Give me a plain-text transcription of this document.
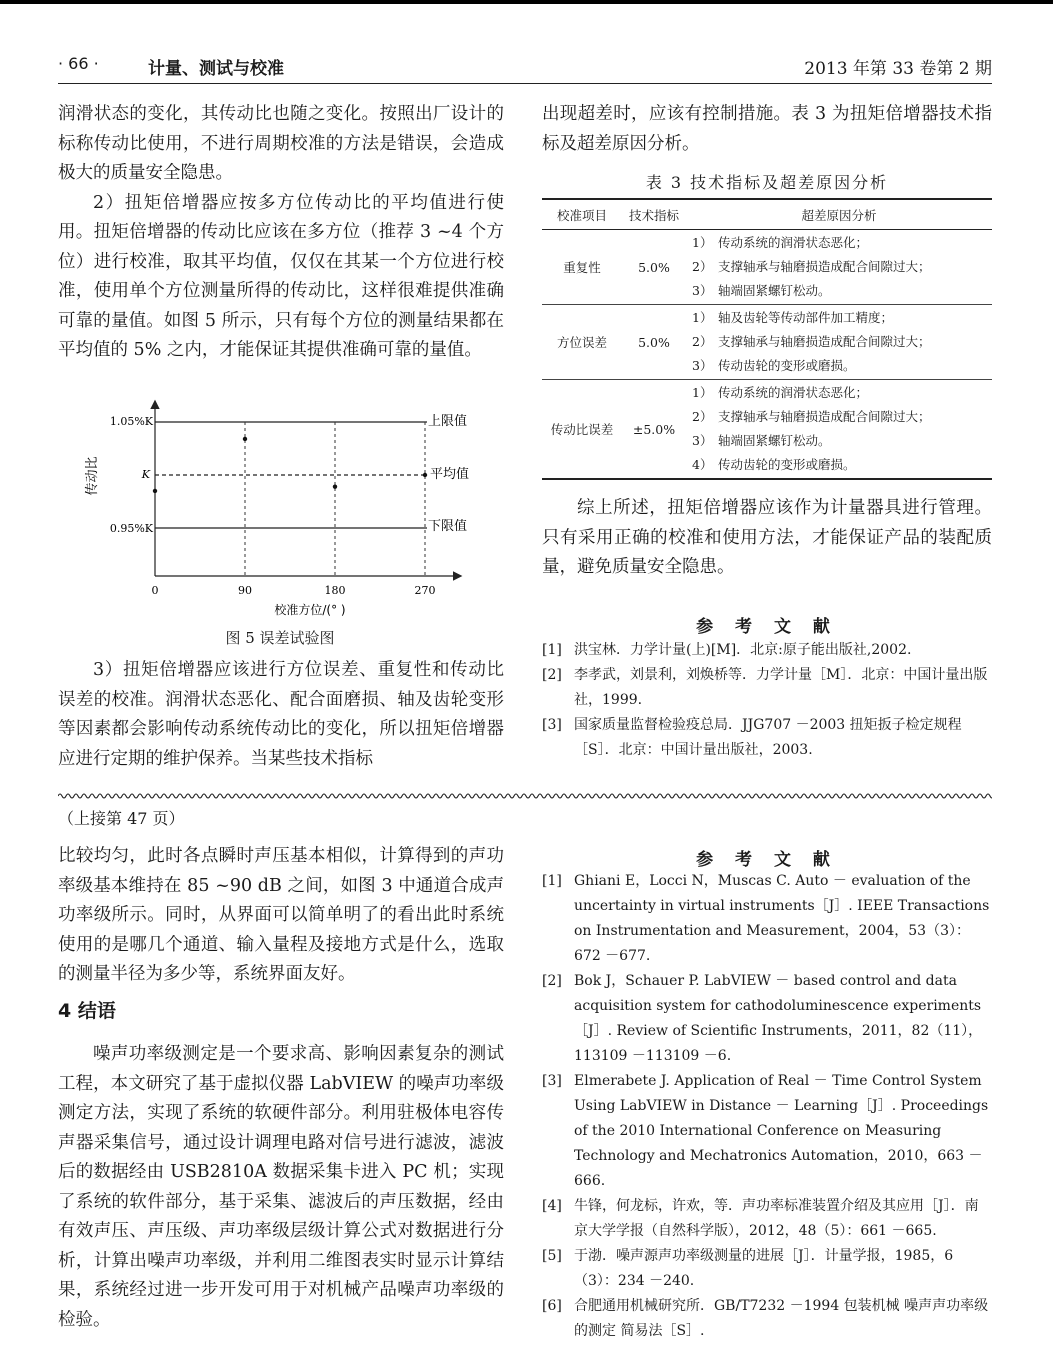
· 66 ·	计量、测试与校准	2013 年第 33 卷第 2 期

润滑状态的变化，其传动比也随之变化。按照出厂设计的标称传动比使用，不进行周期校准的方法是错误，会造成极大的质量安全隐患。

2）扭矩倍增器应按多方位传动比的平均值进行使用。扭矩倍增器的传动比应该在多方位（推荐 3 ~4 个方位）进行校准，取其平均值，仅仅在其某一个方位进行校准，使用单个方位测量所得的传动比，这样很难提供准确可靠的量值。如图 5 所示，只有每个方位的测量结果都在平均值的 5% 之内，才能保证其提供准确可靠的量值。

传动比
1.05%K
K
0.95%K
上限值
平均值
下限值
0	90	180	270
校准方位/(° )
图 5 误差试验图

3）扭矩倍增器应该进行方位误差、重复性和传动比误差的校准。润滑状态恶化、配合面磨损、轴及齿轮变形等因素都会影响传动系统传动比的变化，所以扭矩倍增器应进行定期的维护保养。当某些技术指标

出现超差时，应该有控制措施。表 3 为扭矩倍增器技术指标及超差原因分析。

表 3 技术指标及超差原因分析
校准项目	技术指标	超差原因分析
重复性	5.0%	1） 传动系统的润滑状态恶化；
2） 支撑轴承与轴磨损造成配合间隙过大；
3） 轴端固紧螺钉松动。

方位误差	5.0%	1） 轴及齿轮等传动部件加工精度；
2） 支撑轴承与轴磨损造成配合间隙过大；
3） 传动齿轮的变形或磨损。

传动比误差	±5.0%	1） 传动系统的润滑状态恶化；
2） 支撑轴承与轴磨损造成配合间隙过大；
3） 轴端固紧螺钉松动。
4） 传动齿轮的变形或磨损。

综上所述，扭矩倍增器应该作为计量器具进行管理。只有采用正确的校准和使用方法，才能保证产品的装配质量，避免质量安全隐患。

参 考 文 献
[1] 洪宝林．力学计量(上)[M]．北京:原子能出版社,2002.
[2] 李孝武，刘景利，刘焕桥等．力学计量［M］．北京：中国计量出版社，1999.
[3] 国家质量监督检验疫总局．JJG707 －2003 扭矩扳子检定规程［S］．北京：中国计量出版社，2003.
（上接第 47 页）

比较均匀，此时各点瞬时声压基本相似，计算得到的声功率级基本维持在 85 ~90 dB 之间，如图 3 中通道合成声功率级所示。同时，从界面可以简单明了的看出此时系统使用的是哪几个通道、输入量程及接地方式是什么，选取的测量半径为多少等，系统界面友好。

4 结语

噪声功率级测定是一个要求高、影响因素复杂的测试工程，本文研究了基于虚拟仪器 LabVIEW 的噪声功率级测定方法，实现了系统的软硬件部分。利用驻极体电容传声器采集信号，通过设计调理电路对信号进行滤波，滤波后的数据经由 USB2810A 数据采集卡进入 PC 机；实现了系统的软件部分，基于采集、滤波后的声压数据，经由有效声压、声压级、声功率级层级计算公式对数据进行分析，计算出噪声功率级，并利用二维图表实时显示计算结果，系统经过进一步开发可用于对机械产品噪声功率级的检验。

参 考 文 献
[1] Ghiani E，Locci N，Muscas C. Auto － evaluation of the uncertainty in virtual instruments［J］. IEEE Transactions on Instrumentation and Measurement，2004，53（3）：672 －677.
[2] Bok J，Schauer P. LabVIEW － based control and data acquisition system for cathodoluminescence experiments［J］. Review of Scientific Instruments，2011，82（11），113109 －113109 －6.
[3] Elmerabete J. Application of Real － Time Control System Using LabVIEW in Distance － Learning［J］. Proceedings of the 2010 International Conference on Measuring Technology and Mechatronics Automation，2010，663 －666.
[4] 牛锋，何龙标，许欢，等．声功率标准装置介绍及其应用［J］．南京大学学报（自然科学版），2012，48（5）：661 －665.
[5] 于渤．噪声源声功率级测量的进展［J］．计量学报，1985，6（3）：234 －240.
[6] 合肥通用机械研究所．GB/T7232 －1994 包装机械 噪声声功率级的测定 简易法［S］.
